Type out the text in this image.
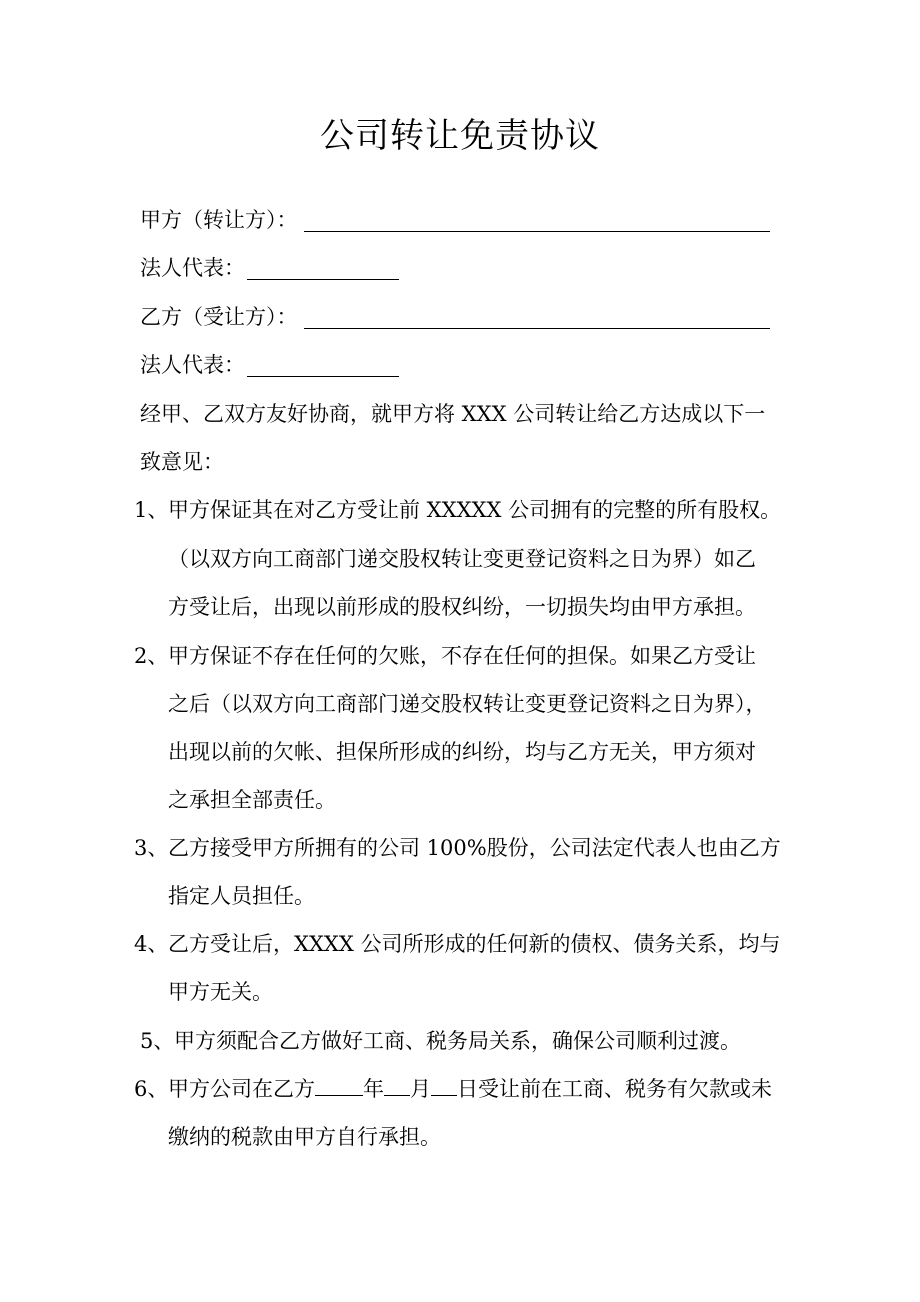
公司转让免责协议
甲方（转让方）：
法人代表：
乙方（受让方）：
法人代表：
经甲、乙双方友好协商，就甲方将 XXX 公司转让给乙方达成以下一
致意见：
1、 甲方保证其在对乙方受让前 XXXXX 公司拥有的完整的所有股权。
（以双方向工商部门递交股权转让变更登记资料之日为界）如乙
方受让后，出现以前形成的股权纠纷，一切损失均由甲方承担。
2、 甲方保证不存在任何的欠账，不存在任何的担保。如果乙方受让
之后（以双方向工商部门递交股权转让变更登记资料之日为界），
出现以前的欠帐、担保所形成的纠纷，均与乙方无关，甲方须对
之承担全部责任。
3、 乙方接受甲方所拥有的公司 100%股份，公司法定代表人也由乙方
指定人员担任。
4、 乙方受让后，XXXX 公司所形成的任何新的债权、债务关系，均与
甲方无关。
5、 甲方须配合乙方做好工商、税务局关系，确保公司顺利过渡。
6、 甲方公司在乙方 年 月 日受让前在工商、税务有欠款或未
缴纳的税款由甲方自行承担。
